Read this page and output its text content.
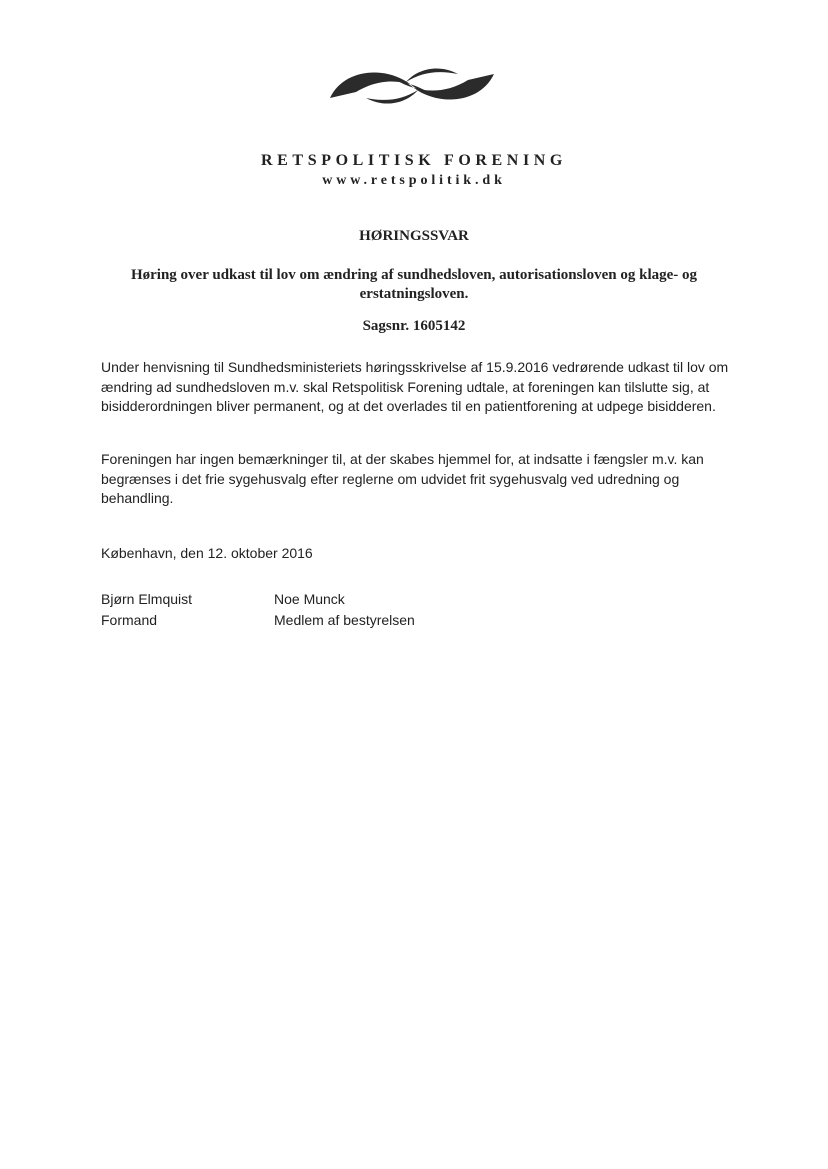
RETSPOLITISK FORENING
www.retspolitik.dk
HØRINGSSVAR
Høring over udkast til lov om ændring af sundhedsloven, autorisationsloven og klage- og erstatningsloven.
Sagsnr. 1605142

Under henvisning til Sundhedsministeriets høringsskrivelse af 15.9.2016 vedrørende udkast til lov om ændring ad sundhedsloven m.v. skal Retspolitisk Forening udtale, at foreningen kan tilslutte sig, at bisidderordningen bliver permanent, og at det overlades til en patientforening at udpege bisidderen.

Foreningen har ingen bemærkninger til, at der skabes hjemmel for, at indsatte i fængsler m.v. kan begrænses i det frie sygehusvalg efter reglerne om udvidet frit sygehusvalg ved udredning og behandling.

København, den 12. oktober 2016
Bjørn Elmquist
Formand
Noe Munck
Medlem af bestyrelsen
